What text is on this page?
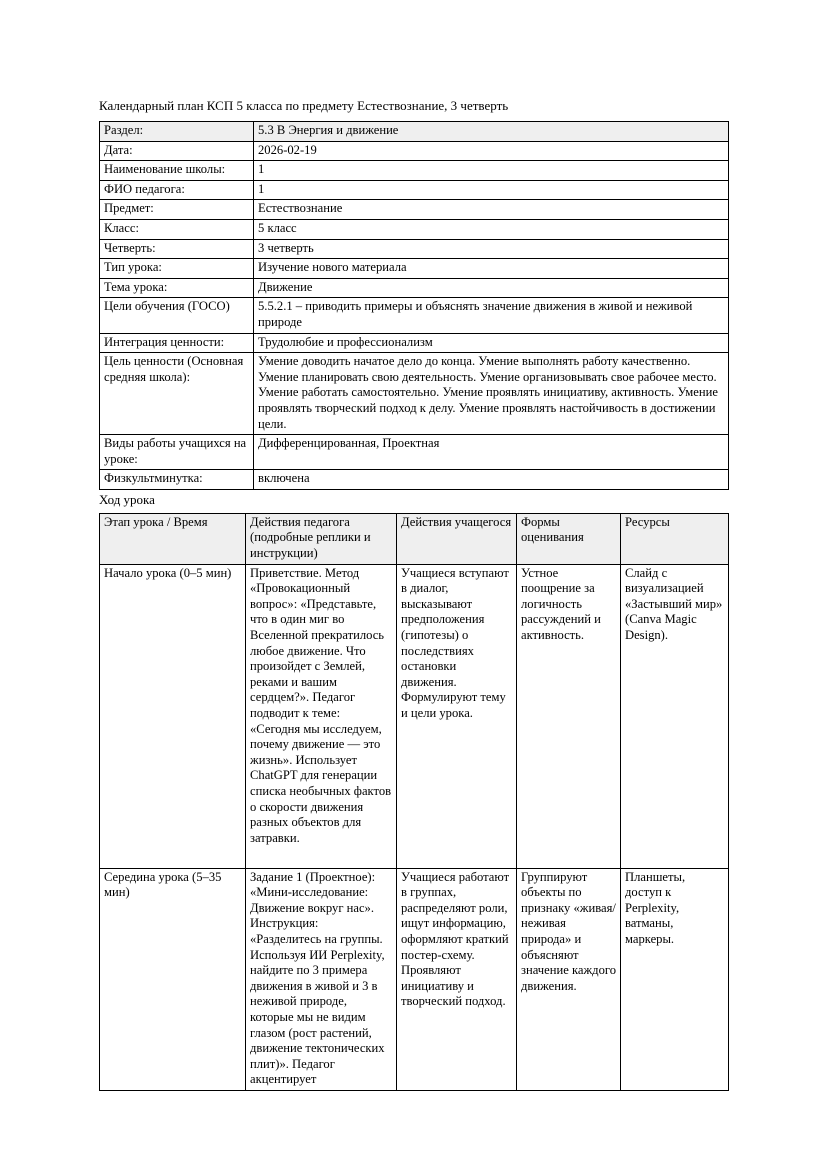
Календарный план КСП 5 класса по предмету Естествознание, 3 четверть
Раздел:	5.3 В Энергия и движение
Дата:	2026-02-19
Наименование школы:	1
ФИО педагога:	1
Предмет:	Естествознание
Класс:	5 класс
Четверть:	3 четверть
Тип урока:	Изучение нового материала
Тема урока:	Движение
Цели обучения (ГОСО)	5.5.2.1 – приводить примеры и объяснять значение движения в живой и неживой природе
Интеграция ценности:	Трудолюбие и профессионализм
Цель ценности (Основная средняя школа):	Умение доводить начатое дело до конца. Умение выполнять работу качественно. Умение планировать свою деятельность. Умение организовывать свое рабочее место. Умение работать самостоятельно. Умение проявлять инициативу, активность. Умение проявлять творческий подход к делу. Умение проявлять настойчивость в достижении цели.
Виды работы учащихся на уроке:	Дифференцированная, Проектная
Физкультминутка:	включена
Ход урока
Этап урока / Время	Действия педагога (подробные реплики и инструкции)	Действия учащегося	Формы оценивания	Ресурсы
Начало урока (0–5 мин)	Приветствие. Метод «Провокационный вопрос»: «Представьте, что в один миг во Вселенной прекратилось любое движение. Что произойдет с Землей, реками и вашим сердцем?». Педагог подводит к теме: «Сегодня мы исследуем, почему движение — это жизнь». Использует ChatGPT для генерации списка необычных фактов о скорости движения разных объектов для затравки.	Учащиеся вступают в диалог, высказывают предположения (гипотезы) о последствиях остановки движения. Формулируют тему и цели урока.	Устное поощрение за логичность рассуждений и активность.	Слайд с визуализацией «Застывший мир» (Canva Magic Design).
Середина урока (5–35 мин)	Задание 1 (Проектное): «Мини-исследование: Движение вокруг нас». Инструкция: «Разделитесь на группы. Используя ИИ Perplexity, найдите по 3 примера движения в живой и 3 в неживой природе, которые мы не видим глазом (рост растений, движение тектонических плит)». Педагог акцентирует	Учащиеся работают в группах, распределяют роли, ищут информацию, оформляют краткий постер-схему. Проявляют инициативу и творческий подход.	Группируют объекты по признаку «живая/неживая природа» и объясняют значение каждого движения.	Планшеты, доступ к Perplexity, ватманы, маркеры.
